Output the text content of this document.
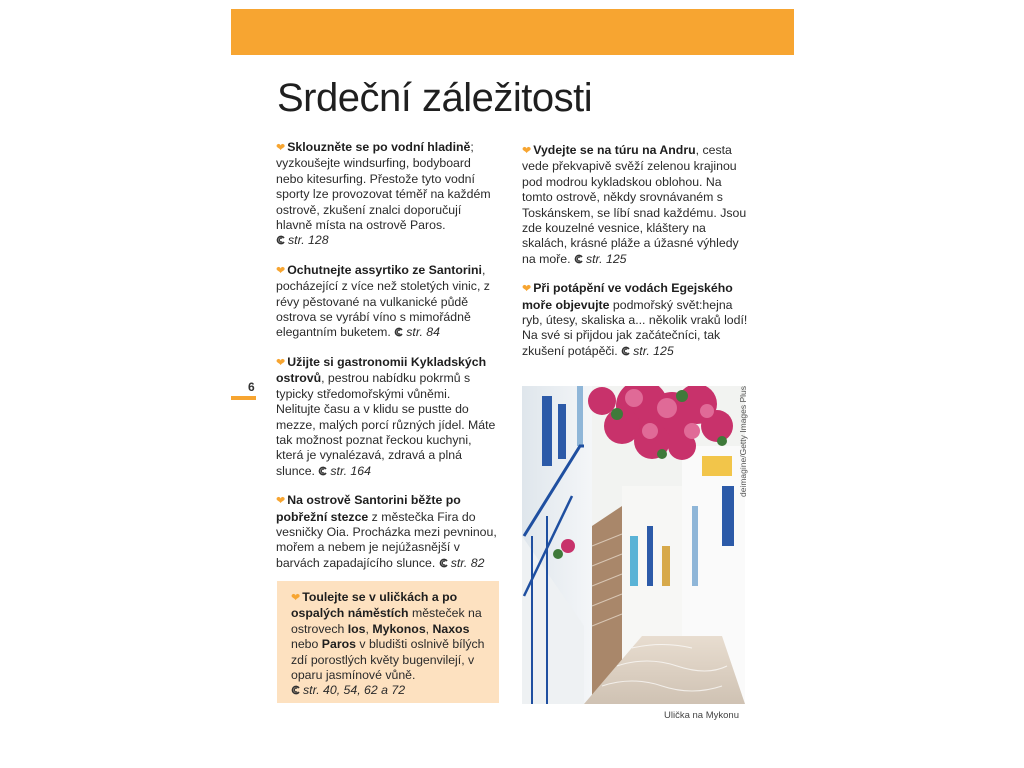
Srdeční záležitosti
6

❤ Sklouzněte se po vodní hladině; vyzkoušejte windsurfing, bodyboard nebo kitesurfing. Přestože tyto vodní sporty lze provozovat téměř na každém ostrově, zkušení znalci doporučují hlavně místa na ostrově Paros. str. 128

❤ Ochutnejte assyrtiko ze Santorini, pocházející z více než stoletých vinic, z révy pěstované na vulkanické půdě ostrova se vyrábí víno s mimořádně elegantním buketem. str. 84

❤ Užijte si gastronomii Kykladských ostrovů, pestrou nabídku pokrmů s typicky středomořskými vůněmi. Nelitujte času a v klidu se pustte do mezze, malých porcí různých jídel. Máte tak možnost poznat řeckou kuchyni, která je vynalézavá, zdravá a plná slunce. str. 164

❤ Na ostrově Santorini běžte po pobřežní stezce z městečka Fira do vesničky Oia. Procházka mezi pevninou, mořem a nebem je nejúžasnější v barvách zapadajícího slunce. str. 82

❤ Toulejte se v uličkách a po ospalých náměstích městeček na ostrovech Ios, Mykonos, Naxos nebo Paros v bludišti oslnivě bílých zdí porostlých květy bugenvilejí, v oparu jasmínové vůně. str. 40, 54, 62 a 72

❤ Vydejte se na túru na Andru, cesta vede překvapivě svěží zelenou krajinou pod modrou kykladskou oblohou. Na tomto ostrově, někdy srovnávaném s Toskánskem, se líbí snad každému. Jsou zde kouzelné vesnice, kláštery na skalách, krásné pláže a úžasné výhledy na moře. str. 125

❤ Při potápění ve vodách Egejského moře objevujte podmořský svět:hejna ryb, útesy, skaliska a... několik vraků lodí! Na své si přijdou jak začátečníci, tak zkušení potápěči. str. 125

deimagine/Getty Images Plus
Ulička na Mykonu
